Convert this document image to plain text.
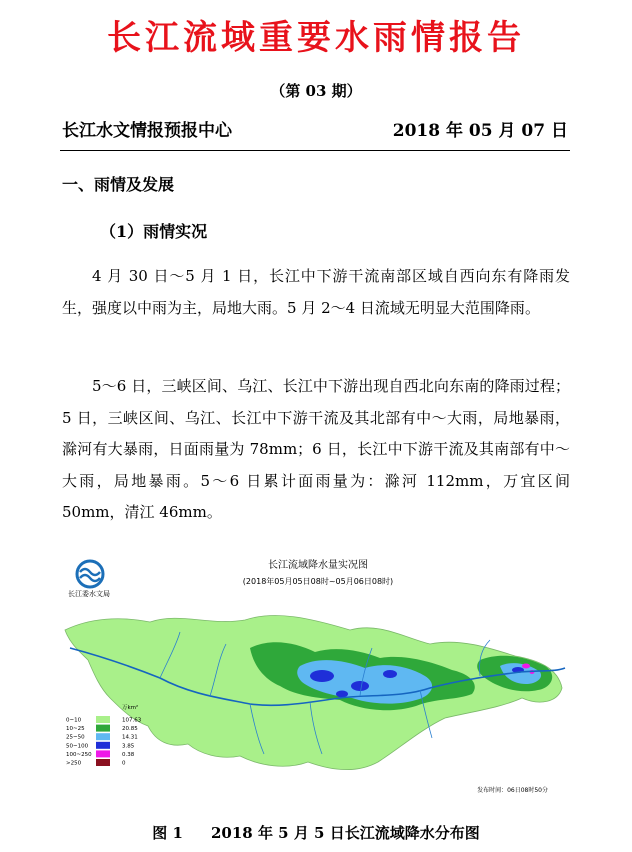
长江流域重要水雨情报告
（第 03 期）
长江水文情报预报中心	2018 年 05 月 07 日
一、雨情及发展
（1）雨情实况

4 月 30 日～5 月 1 日，长江中下游干流南部区域自西向东有降雨发生，强度以中雨为主，局地大雨。5 月 2～4 日流域无明显大范围降雨。

5～6 日，三峡区间、乌江、长江中下游出现自西北向东南的降雨过程；5 日，三峡区间、乌江、长江中下游干流及其北部有中～大雨，局地暴雨，滁河有大暴雨，日面雨量为 78mm；6 日，长江中下游干流及其南部有中～大雨，局地暴雨。5～6 日累计面雨量为：滁河 112mm，万宜区间 50mm，清江 46mm。

长江委水文局
长江流域降水量实况图
(2018年05月05日08时~05月06日08时)
万km²
0~10	107.63
10~25	20.85
25~50	14.31
50~100	3.85
100~250	0.38
>250	0
发布时间：06日08时50分
图 1 2018 年 5 月 5 日长江流域降水分布图
